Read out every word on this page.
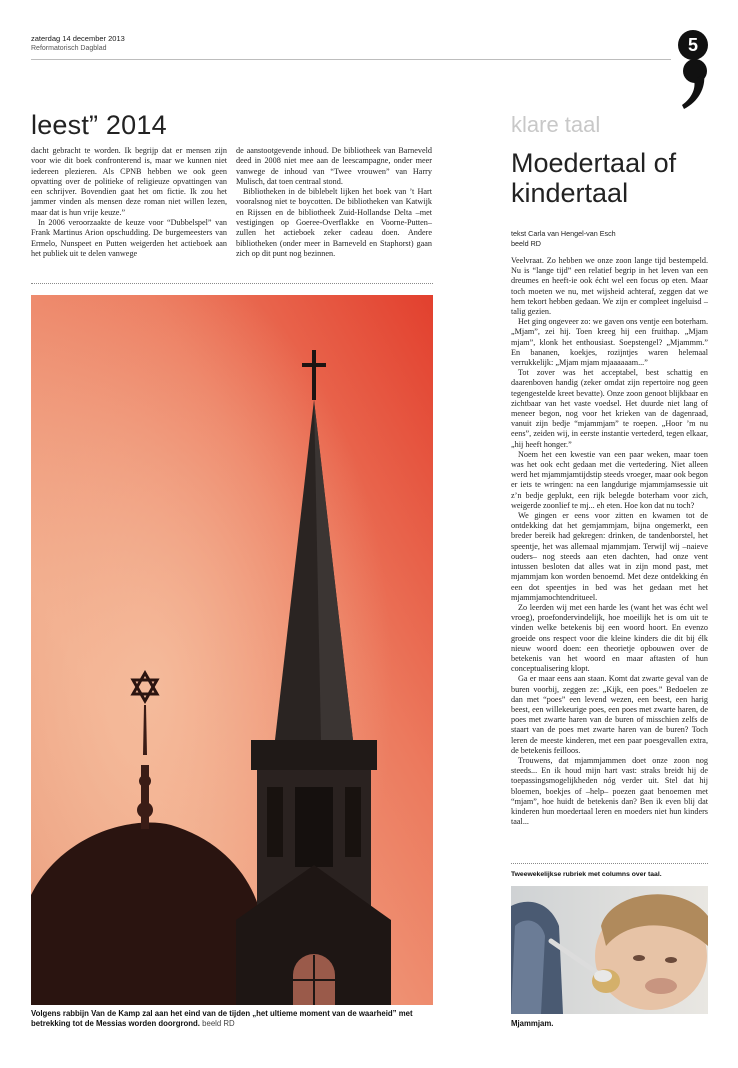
zaterdag 14 december 2013
Reformatorisch Dagblad	5
leest” 2014

dacht gebracht te worden. Ik begrijp dat er mensen zijn voor wie dit boek confronterend is, maar we kunnen niet iedereen plezieren. Als CPNB hebben we ook geen opvatting over de politieke of religieuze opvattingen van een schrijver. Bovendien gaat het om fictie. Ik zou het jammer vinden als mensen deze roman niet willen lezen, maar dat is hun vrije keuze.”

In 2006 veroorzaakte de keuze voor “Dubbelspel” van Frank Martinus Arion opschudding. De burgemeesters van Ermelo, Nunspeet en Putten weigerden het actieboek aan het publiek uit te delen vanwege

de aanstootgevende inhoud. De bibliotheek van Barneveld deed in 2008 niet mee aan de leescampagne, onder meer vanwege de inhoud van “Twee vrouwen” van Harry Mulisch, dat toen centraal stond.

Bibliotheken in de biblebelt lijken het boek van ’t Hart vooralsnog niet te boycotten. De bibliotheken van Katwijk en Rijssen en de bibliotheek Zuid-Hollandse Delta –met vestigingen op Goeree-Overflakke en Voorne-Putten– zullen het actieboek zeker cadeau doen. Andere bibliotheken (onder meer in Barneveld en Staphorst) gaan zich op dit punt nog bezinnen.

Volgens rabbijn Van de Kamp zal aan het eind van de tijden „het ultieme moment van de waarheid” met betrekking tot de Messias worden doorgrond. beeld RD
klare taal
Moedertaal of kindertaal
tekst Carla van Hengel-van Esch
beeld RD

Veelvraat. Zo hebben we onze zoon lange tijd bestempeld. Nu is “lange tijd” een relatief begrip in het leven van een dreumes en heeft-ie ook écht wel een focus op eten. Maar toch moeten we nu, met wijsheid achteraf, zeggen dat we hem tekort hebben gedaan. We zijn er compleet ingeluisd – talig gezien.

Het ging ongeveer zo: we gaven ons ventje een boterham. „Mjam”, zei hij. Toen kreeg hij een fruithap. „Mjam mjam”, klonk het enthousiast. Soepstengel? „Mjammm.” En bananen, koekjes, rozijntjes waren helemaal verrukkelijk: „Mjam mjam mjaaaaaam...”

Tot zover was het acceptabel, best schattig en daarenboven handig (zeker omdat zijn repertoire nog geen tegengestelde kreet bevatte). Onze zoon genoot blijkbaar en zichtbaar van het vaste voedsel. Het duurde niet lang of meneer begon, nog voor het krieken van de dagenraad, vanuit zijn bedje “mjammjam” te roepen. „Hoor ’m nu eens”, zeiden wij, in eerste instantie vertederd, tegen elkaar, „hij heeft honger.”

Noem het een kwestie van een paar weken, maar toen was het ook echt gedaan met die vertedering. Niet alleen werd het mjammjamtijdstip steeds vroeger, maar ook begon er iets te wringen: na een langdurige mjammjamsessie uit z’n bedje geplukt, een rijk belegde boterham voor zich, weigerde zoonlief te mj... eh eten. Hoe kon dat nu toch?

We gingen er eens voor zitten en kwamen tot de ontdekking dat het gemjammjam, bijna ongemerkt, een breder bereik had gekregen: drinken, de tandenborstel, het speentje, het was allemaal mjammjam. Terwijl wij –naieve ouders– nog steeds aan eten dachten, had onze vent intussen besloten dat alles wat in zijn mond past, met mjammjam kon worden benoemd. Met deze ontdekking én een dot speentjes in bed was het gedaan met het mjammjamochtendritueel.

Zo leerden wij met een harde les (want het was écht wel vroeg), proefondervindelijk, hoe moeilijk het is om uit te vinden welke betekenis bij een woord hoort. En evenzo groeide ons respect voor die kleine kinders die dit bij élk nieuw woord doen: een theorietje opbouwen over de betekenis van het woord en maar aftasten of hun conceptualisering klopt.

Ga er maar eens aan staan. Komt dat zwarte geval van de buren voorbij, zeggen ze: „Kijk, een poes.” Bedoelen ze dan met “poes” een levend wezen, een beest, een harig beest, een willekeurige poes, een poes met zwarte haren, de poes met zwarte haren van de buren of misschien zelfs de staart van de poes met zwarte haren van de buren? Toch leren de meeste kinderen, met een paar poesgevallen extra, de betekenis feilloos.

Trouwens, dat mjammjammen doet onze zoon nog steeds... En ik houd mijn hart vast: straks breidt hij de toepassingsmogelijkheden nóg verder uit. Stel dat hij bloemen, boekjes of –help– poezen gaat benoemen met “mjam”, hoe huidt de betekenis dan? Ben ik even blij dat kinderen hun moedertaal leren en moeders niet hun kinders taal...

Tweewekelijkse rubriek met columns over taal.
Mjammjam.
